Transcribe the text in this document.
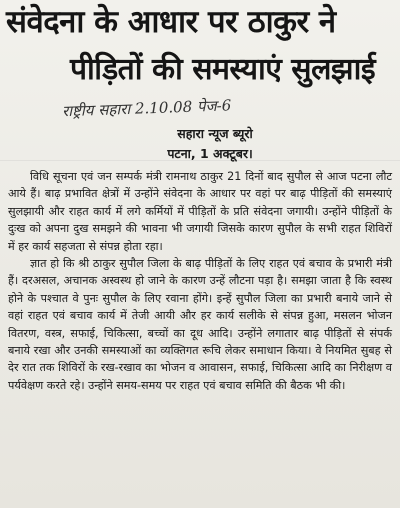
संवेदना के आधार पर ठाकुर ने
पीड़ितों की समस्याएं सुलझाई
राष्ट्रीय सहारा 2.10.08 पेज-6
सहारा न्यूज ब्यूरो
पटना, 1 अक्टूबर।

विधि सूचना एवं जन सम्पर्क मंत्री रामनाथ ठाकुर 21 दिनों बाद सुपौल से आज पटना लौट आये हैं। बाढ़ प्रभावित क्षेत्रों में उन्होंने संवेदना के आधार पर वहां पर बाढ़ पीड़ितों की समस्याएं सुलझायी और राहत कार्य में लगे कर्मियों में पीड़ितों के प्रति संवेदना जगायी। उन्होंने पीड़ितों के दुःख को अपना दुख समझने की भावना भी जगायी जिसके कारण सुपौल के सभी राहत शिविरों में हर कार्य सहजता से संपन्न होता रहा।

ज्ञात हो कि श्री ठाकुर सुपौल जिला के बाढ़ पीड़ितों के लिए राहत एवं बचाव के प्रभारी मंत्री हैं। दरअसल, अचानक अस्वस्थ हो जाने के कारण उन्हें लौटना पड़ा है। समझा जाता है कि स्वस्थ होने के पश्चात वे पुनः सुपौल के लिए रवाना होंगे। इन्हें सुपौल जिला का प्रभारी बनाये जाने से वहां राहत एवं बचाव कार्य में तेजी आयी और हर कार्य सलीके से संपन्न हुआ, मसलन भोजन वितरण, वस्त्र, सफाई, चिकित्सा, बच्चों का दूध आदि। उन्होंने लगातार बाढ़ पीड़ितों से संपर्क बनाये रखा और उनकी समस्याओं का व्यक्तिगत रूचि लेकर समाधान किया। वे नियमित सुबह से देर रात तक शिविरों के रख-रखाव का भोजन व आवासन, सफाई, चिकित्सा आदि का निरीक्षण व पर्यवेक्षण करते रहे। उन्होंने समय-समय पर राहत एवं बचाव समिति की बैठक भी की।
